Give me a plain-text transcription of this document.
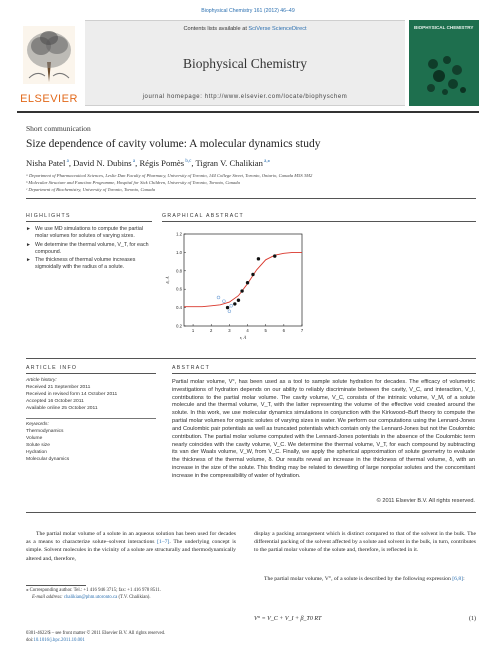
Biophysical Chemistry 161 (2012) 46–49
ELSEVIER
Contents lists available at SciVerse ScienceDirect
Biophysical Chemistry
journal homepage: http://www.elsevier.com/locate/biophyschem
BIOPHYSICAL CHEMISTRY
Short communication
Size dependence of cavity volume: A molecular dynamics study
Nisha Patel $^a$, David N. Dubins $^a$, Régis Pomès $^{b,c}$, Tigran V. Chalikian $^{a,⁎}$
ᵃ Department of Pharmaceutical Sciences, Leslie Dan Faculty of Pharmacy, University of Toronto, 144 College Street, Toronto, Ontario, Canada M5S 3M2
ᵇ Molecular Structure and Function Programme, Hospital for Sick Children, University of Toronto, Toronto, Canada
ᶜ Department of Biochemistry, University of Toronto, Toronto, Canada
HIGHLIGHTS
► We use MD simulations to compute the partial molar volumes for solutes of varying sizes.
► We determine the thermal volume, V_T, for each compound.
► The thickness of thermal volume increases sigmoidally with the radius of a solute.
GRAPHICAL ABSTRACT
1	2	3	4	5	6	7
0.2
0.4
0.6
0.8
1.0
1.2
r, Å
δ, Å
ARTICLE INFO
Article history:
Received 21 September 2011
Received in revised form 14 October 2011
Accepted 16 October 2011
Available online 25 October 2011
Keywords:
Thermodynamics
Volume
Solute size
Hydration
Molecular dynamics
ABSTRACT
Partial molar volume, V°, has been used as a tool to sample solute hydration for decades. The efficacy of volumetric investigations of hydration depends on our ability to reliably discriminate between the cavity, V_C, and interaction, V_I, contributions to the partial molar volume. The cavity volume, V_C, consists of the intrinsic volume, V_M, of a solute molecule and the thermal volume, V_T, with the latter representing the volume of the effective void created around the solute. In this work, we use molecular dynamics simulations in conjunction with the Kirkwood–Buff theory to compute the partial molar volumes for organic solutes of varying sizes in water. We perform our computations using the Lennard-Jones and Coulombic pair potentials as well as truncated potentials which contain only the Lennard-Jones but not the Coulombic contribution. The partial molar volume computed with the Lennard-Jones potentials in the absence of the Coulombic term nearly coincides with the cavity volume, V_C. We determine the thermal volume, V_T, for each compound by subtracting its van der Waals volume, V_W, from V_C. Finally, we apply the spherical approximation of solute geometry to evaluate the thickness of the thermal volume, δ. Our results reveal an increase in the thickness of thermal volume, δ, with an increase in the size of the solute. This finding may be related to dewetting of large nonpolar solutes and the concomitant increase in the compressibility of water of hydration.
© 2011 Elsevier B.V. All rights reserved.
The partial molar volume of a solute in an aqueous solution has been used for decades as a means to characterize solute–solvent interactions [1–7]. The underlying concept is simple. Solvent molecules in the vicinity of a solute are structurally and thermodynamically altered and, therefore,
display a packing arrangement which is distinct compared to that of the solvent in the bulk. The differential packing of the solvent affected by a solute and solvent in the bulk, in turn, contributes to the partial molar volume of the solute and, therefore, is reflected in it.
The partial molar volume, V°, of a solute is described by the following expression [6,8]:
V° = V_C + V_I + β_T0 RT	(1)
⁎ Corresponding author. Tel.: +1 416 946 3715; fax: +1 416 978 8511.
E-mail address: chalikian@phm.utoronto.ca (T.V. Chalikian).
0301-4622/$ – see front matter © 2011 Elsevier B.V. All rights reserved.
doi:10.1016/j.bpc.2011.10.001
